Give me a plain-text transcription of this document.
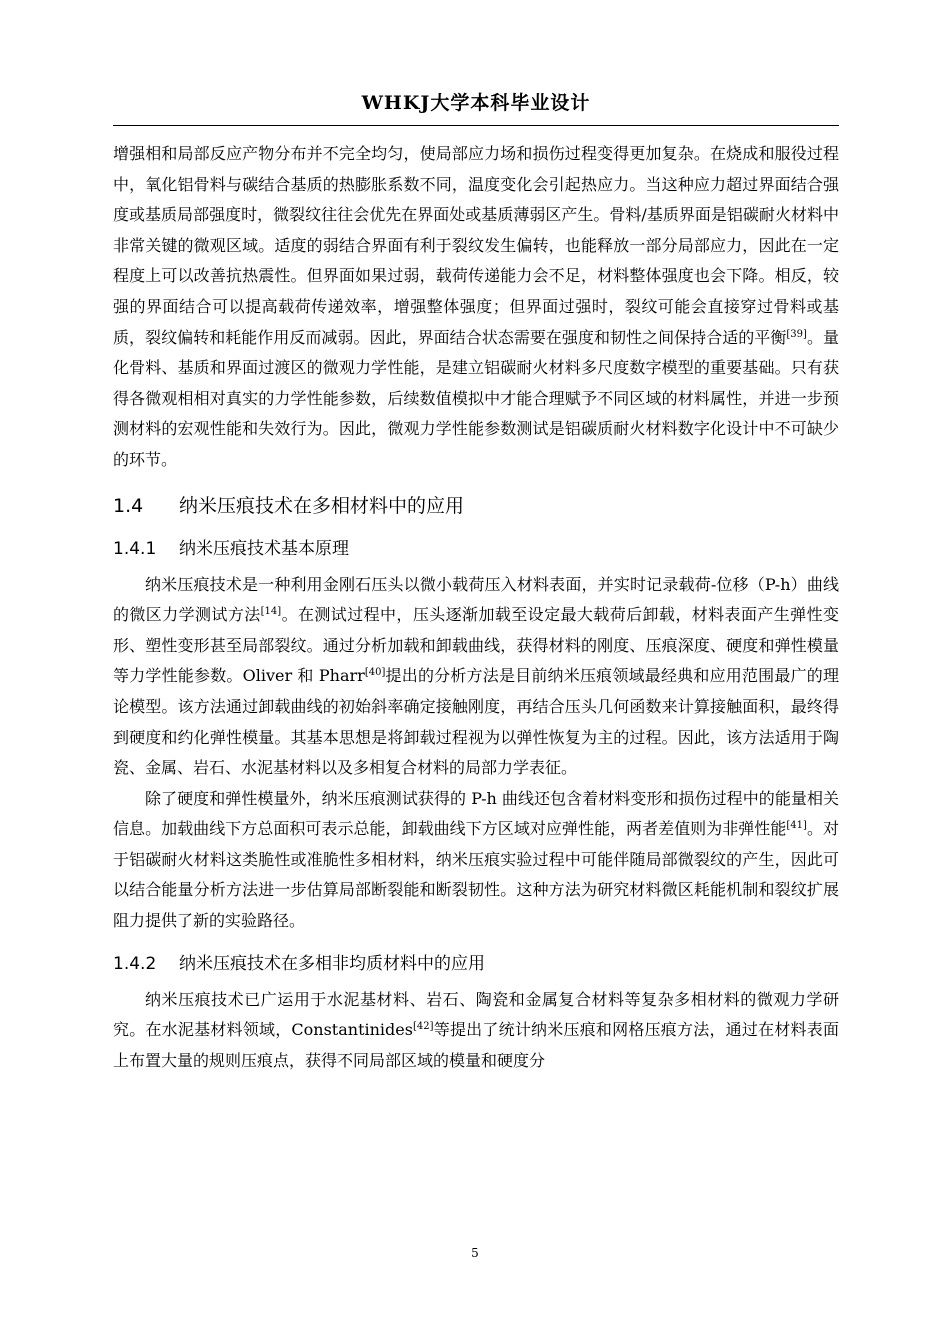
WHKJ大学本科毕业设计

增强相和局部反应产物分布并不完全均匀，使局部应力场和损伤过程变得更加复杂。在烧成和服役过程中，氧化铝骨料与碳结合基质的热膨胀系数不同，温度变化会引起热应力。当这种应力超过界面结合强度或基质局部强度时，微裂纹往往会优先在界面处或基质薄弱区产生。骨料/基质界面是铝碳耐火材料中非常关键的微观区域。适度的弱结合界面有利于裂纹发生偏转，也能释放一部分局部应力，因此在一定程度上可以改善抗热震性。但界面如果过弱，载荷传递能力会不足，材料整体强度也会下降。相反，较强的界面结合可以提高载荷传递效率，增强整体强度；但界面过强时，裂纹可能会直接穿过骨料或基质，裂纹偏转和耗能作用反而减弱。因此，界面结合状态需要在强度和韧性之间保持合适的平衡[39]。量化骨料、基质和界面过渡区的微观力学性能，是建立铝碳耐火材料多尺度数字模型的重要基础。只有获得各微观相相对真实的力学性能参数，后续数值模拟中才能合理赋予不同区域的材料属性，并进一步预测材料的宏观性能和失效行为。因此，微观力学性能参数测试是铝碳质耐火材料数字化设计中不可缺少的环节。

1.4 纳米压痕技术在多相材料中的应用
1.4.1 纳米压痕技术基本原理

纳米压痕技术是一种利用金刚石压头以微小载荷压入材料表面，并实时记录载荷-位移（P-h）曲线的微区力学测试方法[14]。在测试过程中，压头逐渐加载至设定最大载荷后卸载，材料表面产生弹性变形、塑性变形甚至局部裂纹。通过分析加载和卸载曲线，获得材料的刚度、压痕深度、硬度和弹性模量等力学性能参数。Oliver 和 Pharr[40]提出的分析方法是目前纳米压痕领域最经典和应用范围最广的理论模型。该方法通过卸载曲线的初始斜率确定接触刚度，再结合压头几何函数来计算接触面积，最终得到硬度和约化弹性模量。其基本思想是将卸载过程视为以弹性恢复为主的过程。因此，该方法适用于陶瓷、金属、岩石、水泥基材料以及多相复合材料的局部力学表征。

除了硬度和弹性模量外，纳米压痕测试获得的 P-h 曲线还包含着材料变形和损伤过程中的能量相关信息。加载曲线下方总面积可表示总能，卸载曲线下方区域对应弹性能，两者差值则为非弹性能[41]。对于铝碳耐火材料这类脆性或准脆性多相材料，纳米压痕实验过程中可能伴随局部微裂纹的产生，因此可以结合能量分析方法进一步估算局部断裂能和断裂韧性。这种方法为研究材料微区耗能机制和裂纹扩展阻力提供了新的实验路径。

1.4.2 纳米压痕技术在多相非均质材料中的应用

纳米压痕技术已广运用于水泥基材料、岩石、陶瓷和金属复合材料等复杂多相材料的微观力学研究。在水泥基材料领域，Constantinides[42]等提出了统计纳米压痕和网格压痕方法，通过在材料表面上布置大量的规则压痕点，获得不同局部区域的模量和硬度分

5
